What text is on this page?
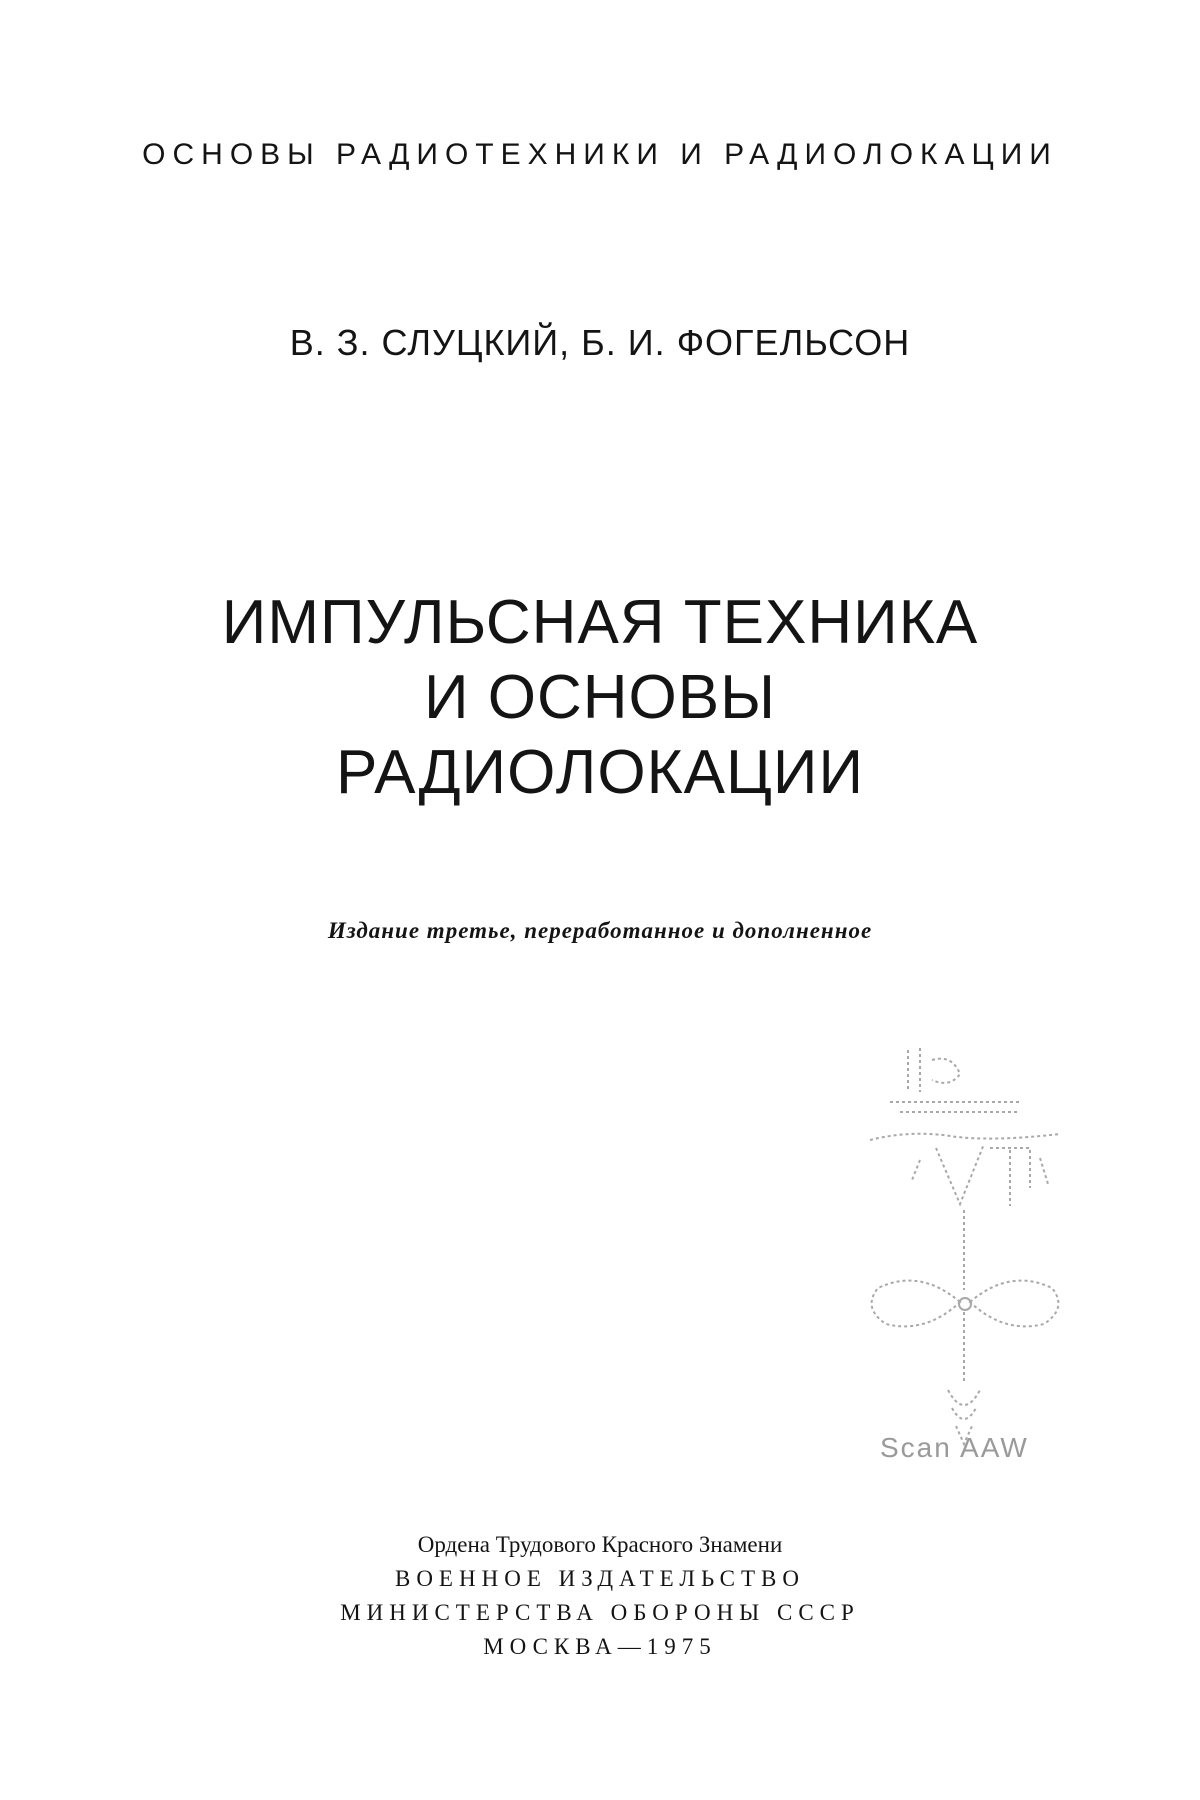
ОСНОВЫ РАДИОТЕХНИКИ И РАДИОЛОКАЦИИ
В. З. СЛУЦКИЙ, Б. И. ФОГЕЛЬСОН
ИМПУЛЬСНАЯ ТЕХНИКА
И ОСНОВЫ
РАДИОЛОКАЦИИ
Издание третье, переработанное и дополненное
Scan AAW
Ордена Трудового Красного Знамени
ВОЕННОЕ ИЗДАТЕЛЬСТВО
МИНИСТЕРСТВА ОБОРОНЫ СССР
МОСКВА—1975
